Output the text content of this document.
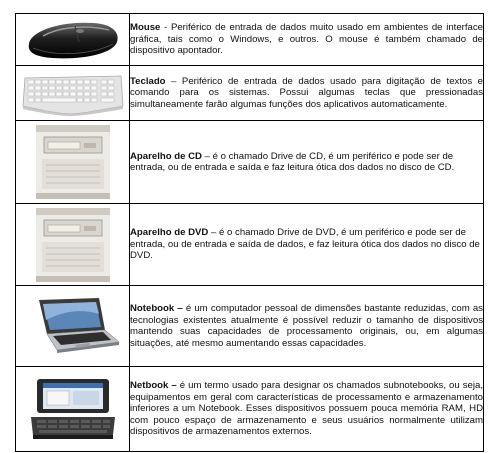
	Mouse - Periférico de entrada de dados muito usado em ambientes de interface gráfica, tais como o Windows, e outros. O mouse é também chamado de dispositivo apontador.

	Teclado – Periférico de entrada de dados usado para digitação de textos e comando para os sistemas. Possui algumas teclas que pressionadas simultaneamente farão algumas funções dos aplicativos automaticamente.

	Aparelho de CD – é o chamado Drive de CD, é um periférico e pode ser de entrada, ou de entrada e saída e faz leitura ótica dos dados no disco de CD.

	Aparelho de DVD – é o chamado Drive de DVD, é um periférico e pode ser de entrada, ou de entrada e saída de dados, e faz leitura ótica dos dados no disco de DVD.

	Notebook – é um computador pessoal de dimensões bastante reduzidas, com as tecnologias existentes atualmente é possível reduzir o tamanho de dispositivos mantendo suas capacidades de processamento originais, ou, em algumas situações, até mesmo aumentando essas capacidades.

	Netbook – é um termo usado para designar os chamados subnotebooks, ou seja, equipamentos em geral com características de processamento e armazenamento inferiores a um Notebook. Esses dispositivos possuem pouca memória RAM, HD com pouco espaço de armazenamento e seus usuários normalmente utilizam dispositivos de armazenamentos externos.
